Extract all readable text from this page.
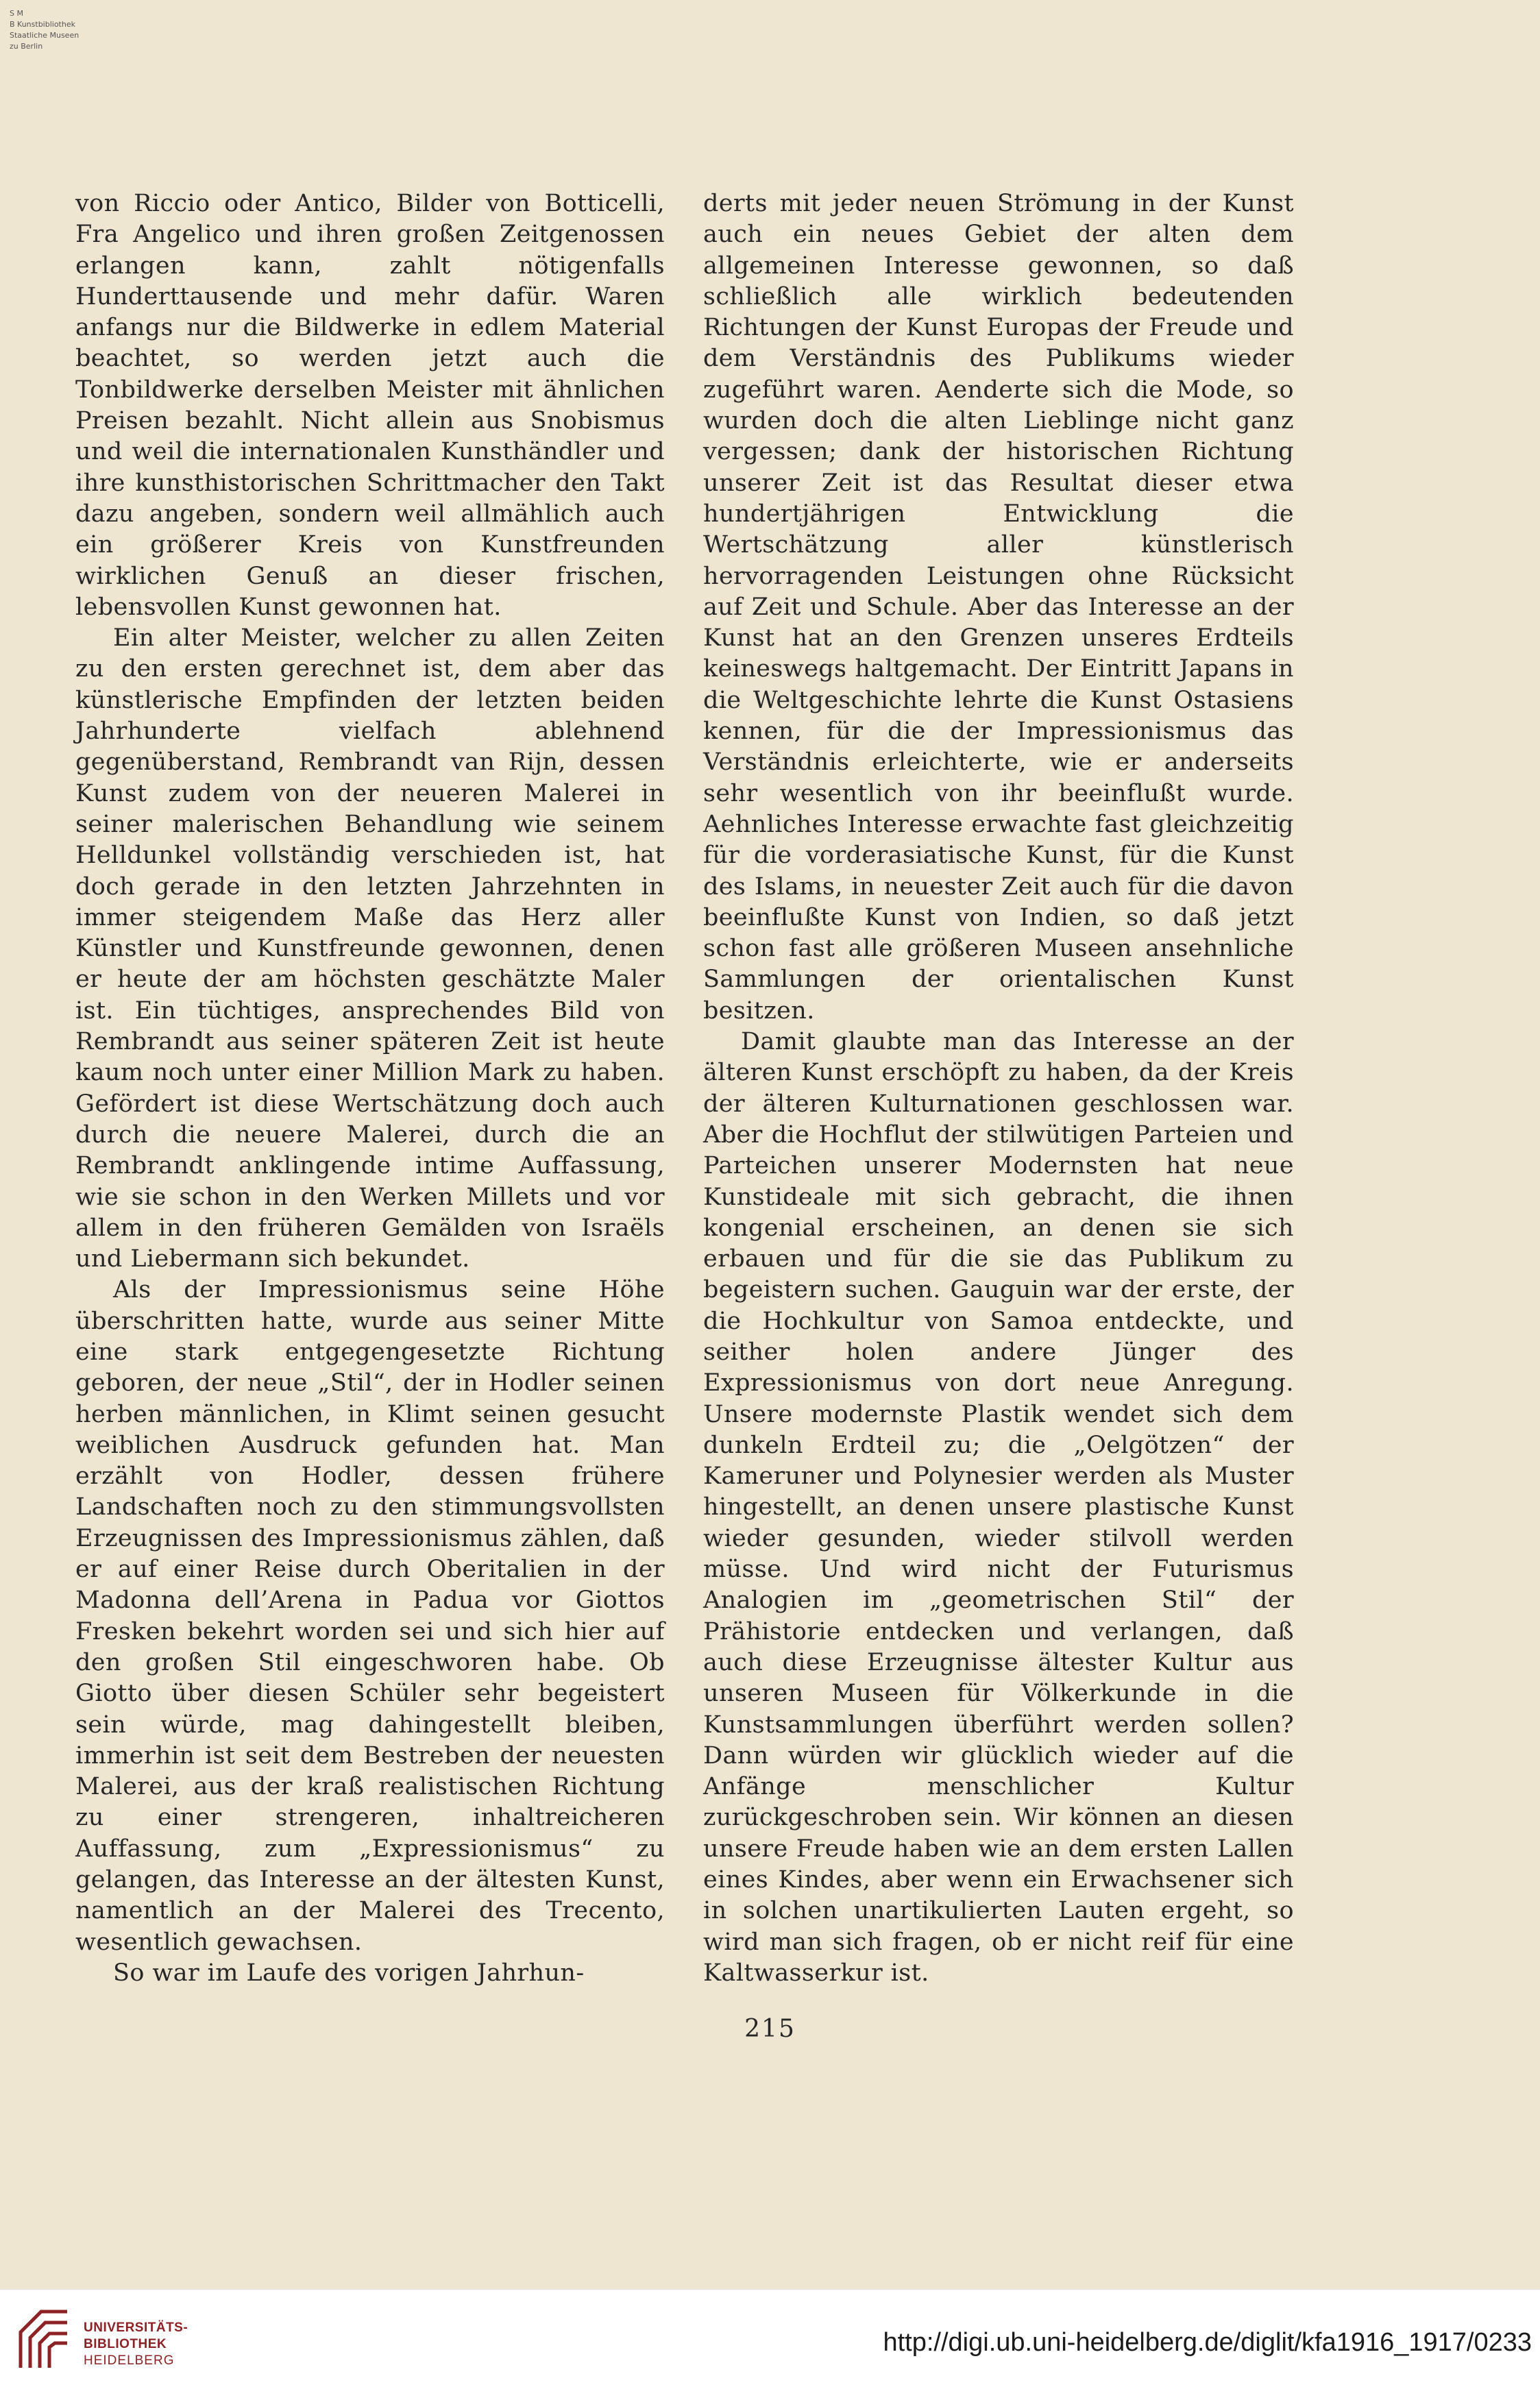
S M
B Kunstbibliothek
Staatliche Museen
zu Berlin

von Riccio oder Antico, Bilder von Botticelli, Fra Angelico und ihren großen Zeitgenossen erlangen kann, zahlt nötigenfalls Hunderttausende und mehr dafür. Waren anfangs nur die Bildwerke in edlem Material beachtet, so werden jetzt auch die Tonbildwerke derselben Meister mit ähnlichen Preisen bezahlt. Nicht allein aus Snobismus und weil die internationalen Kunsthändler und ihre kunsthistorischen Schrittmacher den Takt dazu angeben, sondern weil allmählich auch ein größerer Kreis von Kunstfreunden wirklichen Genuß an dieser frischen, lebensvollen Kunst gewonnen hat.

Ein alter Meister, welcher zu allen Zeiten zu den ersten gerechnet ist, dem aber das künstlerische Empfinden der letzten beiden Jahrhunderte vielfach ablehnend gegenüberstand, Rembrandt van Rijn, dessen Kunst zudem von der neueren Malerei in seiner malerischen Behandlung wie seinem Helldunkel vollständig verschieden ist, hat doch gerade in den letzten Jahrzehnten in immer steigendem Maße das Herz aller Künstler und Kunstfreunde gewonnen, denen er heute der am höchsten geschätzte Maler ist. Ein tüchtiges, ansprechendes Bild von Rembrandt aus seiner späteren Zeit ist heute kaum noch unter einer Million Mark zu haben. Gefördert ist diese Wertschätzung doch auch durch die neuere Malerei, durch die an Rembrandt anklingende intime Auffassung, wie sie schon in den Werken Millets und vor allem in den früheren Gemälden von Israëls und Liebermann sich bekundet.

Als der Impressionismus seine Höhe überschritten hatte, wurde aus seiner Mitte eine stark entgegengesetzte Richtung geboren, der neue „Stil“, der in Hodler seinen herben männlichen, in Klimt seinen gesucht weiblichen Ausdruck gefunden hat. Man erzählt von Hodler, dessen frühere Landschaften noch zu den stimmungsvollsten Erzeugnissen des Impressionismus zählen, daß er auf einer Reise durch Oberitalien in der Madonna dell’Arena in Padua vor Giottos Fresken bekehrt worden sei und sich hier auf den großen Stil eingeschworen habe. Ob Giotto über diesen Schüler sehr begeistert sein würde, mag dahingestellt bleiben, immerhin ist seit dem Bestreben der neuesten Malerei, aus der kraß realistischen Richtung zu einer strengeren, inhaltreicheren Auffassung, zum „Expressionismus“ zu gelangen, das Interesse an der ältesten Kunst, namentlich an der Malerei des Trecento, wesentlich gewachsen.

So war im Laufe des vorigen Jahrhun-

derts mit jeder neuen Strömung in der Kunst auch ein neues Gebiet der alten dem allgemeinen Interesse gewonnen, so daß schließlich alle wirklich bedeutenden Richtungen der Kunst Europas der Freude und dem Verständnis des Publikums wieder zugeführt waren. Aenderte sich die Mode, so wurden doch die alten Lieblinge nicht ganz vergessen; dank der historischen Richtung unserer Zeit ist das Resultat dieser etwa hundertjährigen Entwicklung die Wertschätzung aller künstlerisch hervorragenden Leistungen ohne Rücksicht auf Zeit und Schule. Aber das Interesse an der Kunst hat an den Grenzen unseres Erdteils keineswegs haltgemacht. Der Eintritt Japans in die Weltgeschichte lehrte die Kunst Ostasiens kennen, für die der Impressionismus das Verständnis erleichterte, wie er anderseits sehr wesentlich von ihr beeinflußt wurde. Aehnliches Interesse erwachte fast gleichzeitig für die vorderasiatische Kunst, für die Kunst des Islams, in neuester Zeit auch für die davon beeinflußte Kunst von Indien, so daß jetzt schon fast alle größeren Museen ansehnliche Sammlungen der orientalischen Kunst besitzen.

Damit glaubte man das Interesse an der älteren Kunst erschöpft zu haben, da der Kreis der älteren Kulturnationen geschlossen war. Aber die Hochflut der stilwütigen Parteien und Parteichen unserer Modernsten hat neue Kunstideale mit sich gebracht, die ihnen kongenial erscheinen, an denen sie sich erbauen und für die sie das Publikum zu begeistern suchen. Gauguin war der erste, der die Hochkultur von Samoa entdeckte, und seither holen andere Jünger des Expressionismus von dort neue Anregung. Unsere modernste Plastik wendet sich dem dunkeln Erdteil zu; die „Oelgötzen“ der Kameruner und Polynesier werden als Muster hingestellt, an denen unsere plastische Kunst wieder gesunden, wieder stilvoll werden müsse. Und wird nicht der Futurismus Analogien im „geometrischen Stil“ der Prähistorie entdecken und verlangen, daß auch diese Erzeugnisse ältester Kultur aus unseren Museen für Völkerkunde in die Kunstsammlungen überführt werden sollen? Dann würden wir glücklich wieder auf die Anfänge menschlicher Kultur zurückgeschroben sein. Wir können an diesen unsere Freude haben wie an dem ersten Lallen eines Kindes, aber wenn ein Erwachsener sich in solchen unartikulierten Lauten ergeht, so wird man sich fragen, ob er nicht reif für eine Kaltwasserkur ist.

215
UNIVERSITÄTS-
BIBLIOTHEK
HEIDELBERG
http://digi.ub.uni-heidelberg.de/diglit/kfa1916_1917/0233
